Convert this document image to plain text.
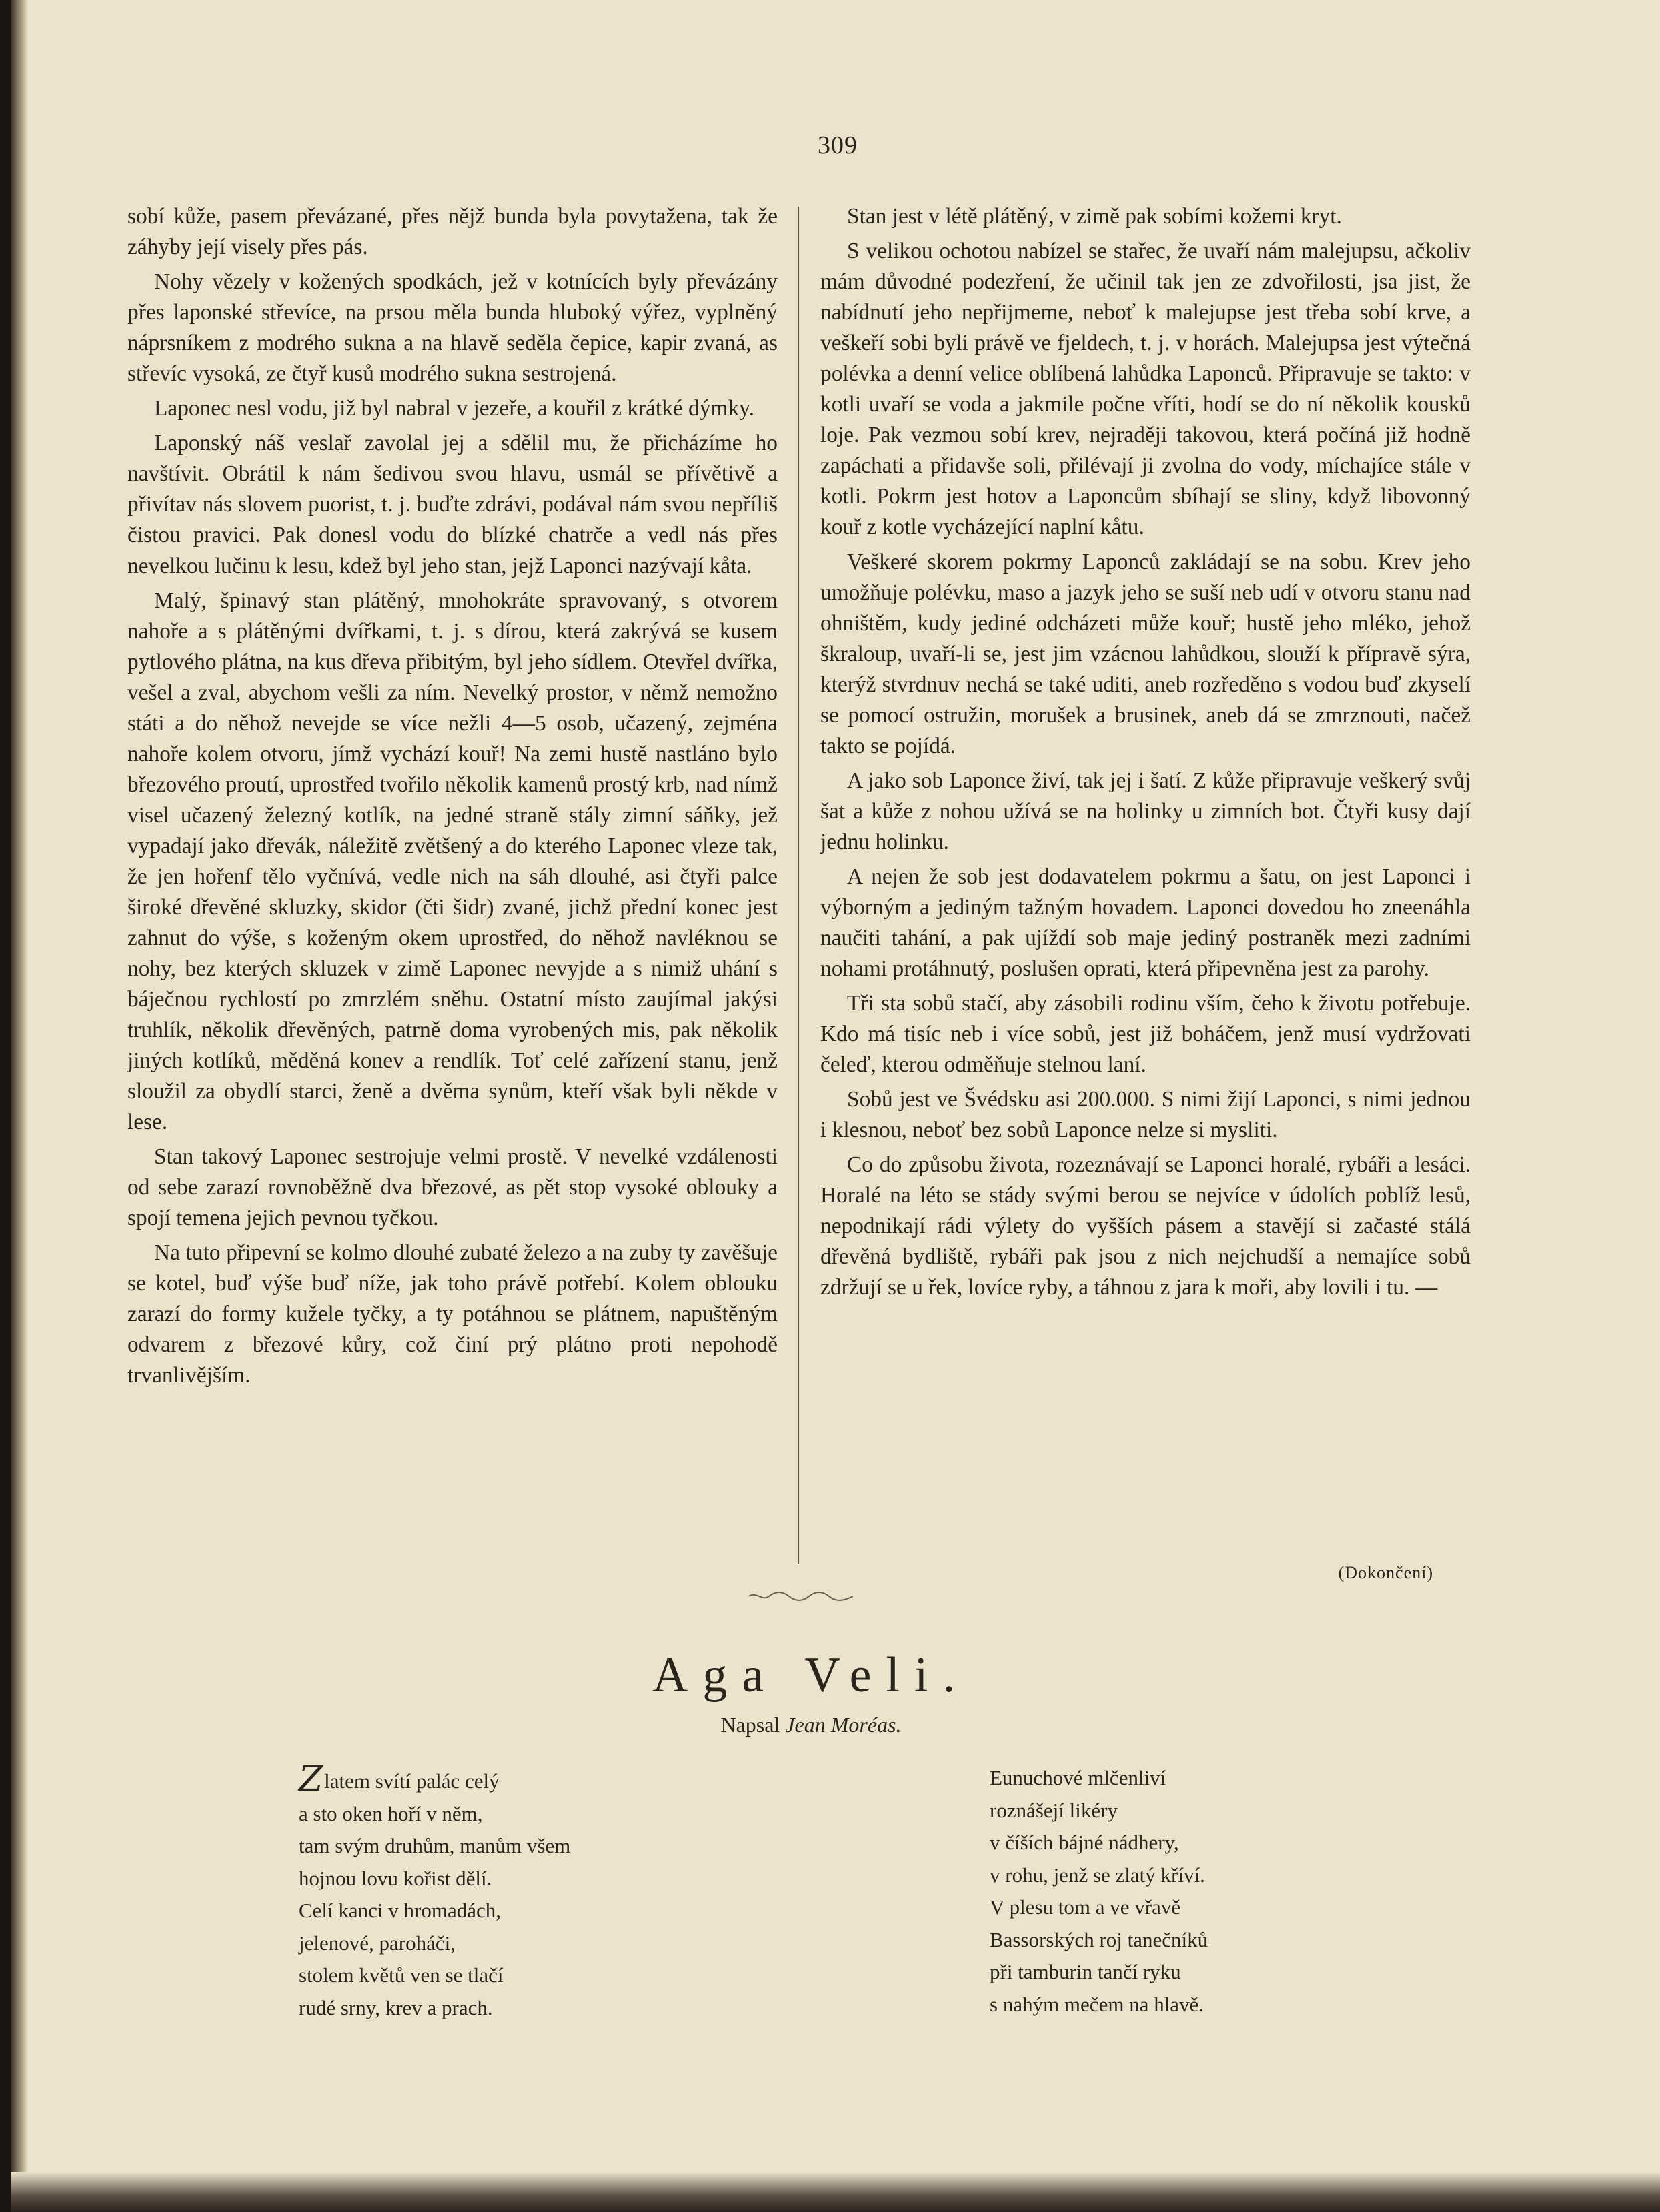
309

sobí kůže, pasem převázané, přes nějž bunda byla povytažena, tak že záhyby její visely přes pás.

Nohy vězely v kožených spodkách, jež v kotnících byly převázány přes laponské střevíce, na prsou měla bunda hluboký výřez, vyplněný náprsníkem z modrého sukna a na hlavě seděla čepice, kapir zvaná, as střevíc vysoká, ze čtyř kusů modrého sukna sestrojená.

Laponec nesl vodu, již byl nabral v jezeře, a kouřil z krátké dýmky.

Laponský náš veslař zavolal jej a sdělil mu, že přicházíme ho navštívit. Obrátil k nám šedivou svou hlavu, usmál se přívětivě a přivítav nás slovem puorist, t. j. buďte zdrávi, podával nám svou nepříliš čistou pravici. Pak donesl vodu do blízké chatrče a vedl nás přes nevelkou lučinu k lesu, kdež byl jeho stan, jejž Laponci nazývají kåta.

Malý, špinavý stan plátěný, mnohokráte spravovaný, s otvorem nahoře a s plátěnými dvířkami, t. j. s dírou, která zakrývá se kusem pytlového plátna, na kus dřeva přibitým, byl jeho sídlem. Otevřel dvířka, vešel a zval, abychom vešli za ním. Nevelký prostor, v němž nemožno státi a do něhož nevejde se více nežli 4—5 osob, učazený, zejména nahoře kolem otvoru, jímž vychází kouř! Na zemi hustě nastláno bylo březového proutí, uprostřed tvořilo několik kamenů prostý krb, nad nímž visel učazený železný kotlík, na jedné straně stály zimní sáňky, jež vypadají jako dřevák, náležitě zvětšený a do kterého Laponec vleze tak, že jen hořenf tělo vyčnívá, vedle nich na sáh dlouhé, asi čtyři palce široké dřevěné skluzky, skidor (čti šidr) zvané, jichž přední konec jest zahnut do výše, s koženým okem uprostřed, do něhož navléknou se nohy, bez kterých skluzek v zimě Laponec nevyjde a s nimiž uhání s báječnou rychlostí po zmrzlém sněhu. Ostatní místo zaujímal jakýsi truhlík, několik dřevěných, patrně doma vyrobených mis, pak několik jiných kotlíků, měděná konev a rendlík. Toť celé zařízení stanu, jenž sloužil za obydlí starci, ženě a dvěma synům, kteří však byli někde v lese.

Stan takový Laponec sestrojuje velmi prostě. V nevelké vzdálenosti od sebe zarazí rovnoběžně dva březové, as pět stop vysoké oblouky a spojí temena jejich pevnou tyčkou.

Na tuto připevní se kolmo dlouhé zubaté železo a na zuby ty zavěšuje se kotel, buď výše buď níže, jak toho právě potřebí. Kolem oblouku zarazí do formy kužele tyčky, a ty potáhnou se plátnem, napuštěným odvarem z březové kůry, což činí prý plátno proti nepohodě trvanlivějším.

Stan jest v létě plátěný, v zimě pak sobími kožemi kryt.

S velikou ochotou nabízel se stařec, že uvaří nám malejupsu, ačkoliv mám důvodné podezření, že učinil tak jen ze zdvořilosti, jsa jist, že nabídnutí jeho nepřijmeme, neboť k malejupse jest třeba sobí krve, a veškeří sobi byli právě ve fjeldech, t. j. v horách. Malejupsa jest výtečná polévka a denní velice oblíbená lahůdka Laponců. Připravuje se takto: v kotli uvaří se voda a jakmile počne vříti, hodí se do ní několik kousků loje. Pak vezmou sobí krev, nejraději takovou, která počíná již hodně zapáchati a přidavše soli, přilévají ji zvolna do vody, míchajíce stále v kotli. Pokrm jest hotov a Laponcům sbíhají se sliny, když libovonný kouř z kotle vycházející naplní kåtu.

Veškeré skorem pokrmy Laponců zakládají se na sobu. Krev jeho umožňuje polévku, maso a jazyk jeho se suší neb udí v otvoru stanu nad ohništěm, kudy jediné odcházeti může kouř; hustě jeho mléko, jehož škraloup, uvaří-li se, jest jim vzácnou lahůdkou, slouží k přípravě sýra, kterýž stvrdnuv nechá se také uditi, aneb rozředěno s vodou buď zkyselí se pomocí ostružin, morušek a brusinek, aneb dá se zmrznouti, načež takto se pojídá.

A jako sob Laponce živí, tak jej i šatí. Z kůže připravuje veškerý svůj šat a kůže z nohou užívá se na holinky u zimních bot. Čtyři kusy dají jednu holinku.

A nejen že sob jest dodavatelem pokrmu a šatu, on jest Laponci i výborným a jediným tažným hovadem. Laponci dovedou ho zneenáhla naučiti tahání, a pak ujíždí sob maje jediný postraněk mezi zadními nohami protáhnutý, poslušen oprati, která připevněna jest za parohy.

Tři sta sobů stačí, aby zásobili rodinu vším, čeho k životu potřebuje. Kdo má tisíc neb i více sobů, jest již boháčem, jenž musí vydržovati čeleď, kterou odměňuje stelnou laní.

Sobů jest ve Švédsku asi 200.000. S nimi žijí Laponci, s nimi jednou i klesnou, neboť bez sobů Laponce nelze si mysliti.

Co do způsobu života, rozeznávají se Laponci horalé, rybáři a lesáci. Horalé na léto se stády svými berou se nejvíce v údolích poblíž lesů, nepodnikají rádi výlety do vyšších pásem a stavějí si začasté stálá dřevěná bydliště, rybáři pak jsou z nich nejchudší a nemajíce sobů zdržují se u řek, lovíce ryby, a táhnou z jara k moři, aby lovili i tu. —

(Dokončení)
Aga Veli.
Napsal Jean Moréas.
Zlatem svítí palác celý
a sto oken hoří v něm,
tam svým druhům, manům všem
hojnou lovu kořist dělí.
Celí kanci v hromadách,
jelenové, paroháči,
stolem květů ven se tlačí
rudé srny, krev a prach.
Eunuchové mlčenliví
roznášejí likéry
v číších bájné nádhery,
v rohu, jenž se zlatý kříví.
V plesu tom a ve vřavě
Bassorských roj tanečníků
při tamburin tančí ryku
s nahým mečem na hlavě.
